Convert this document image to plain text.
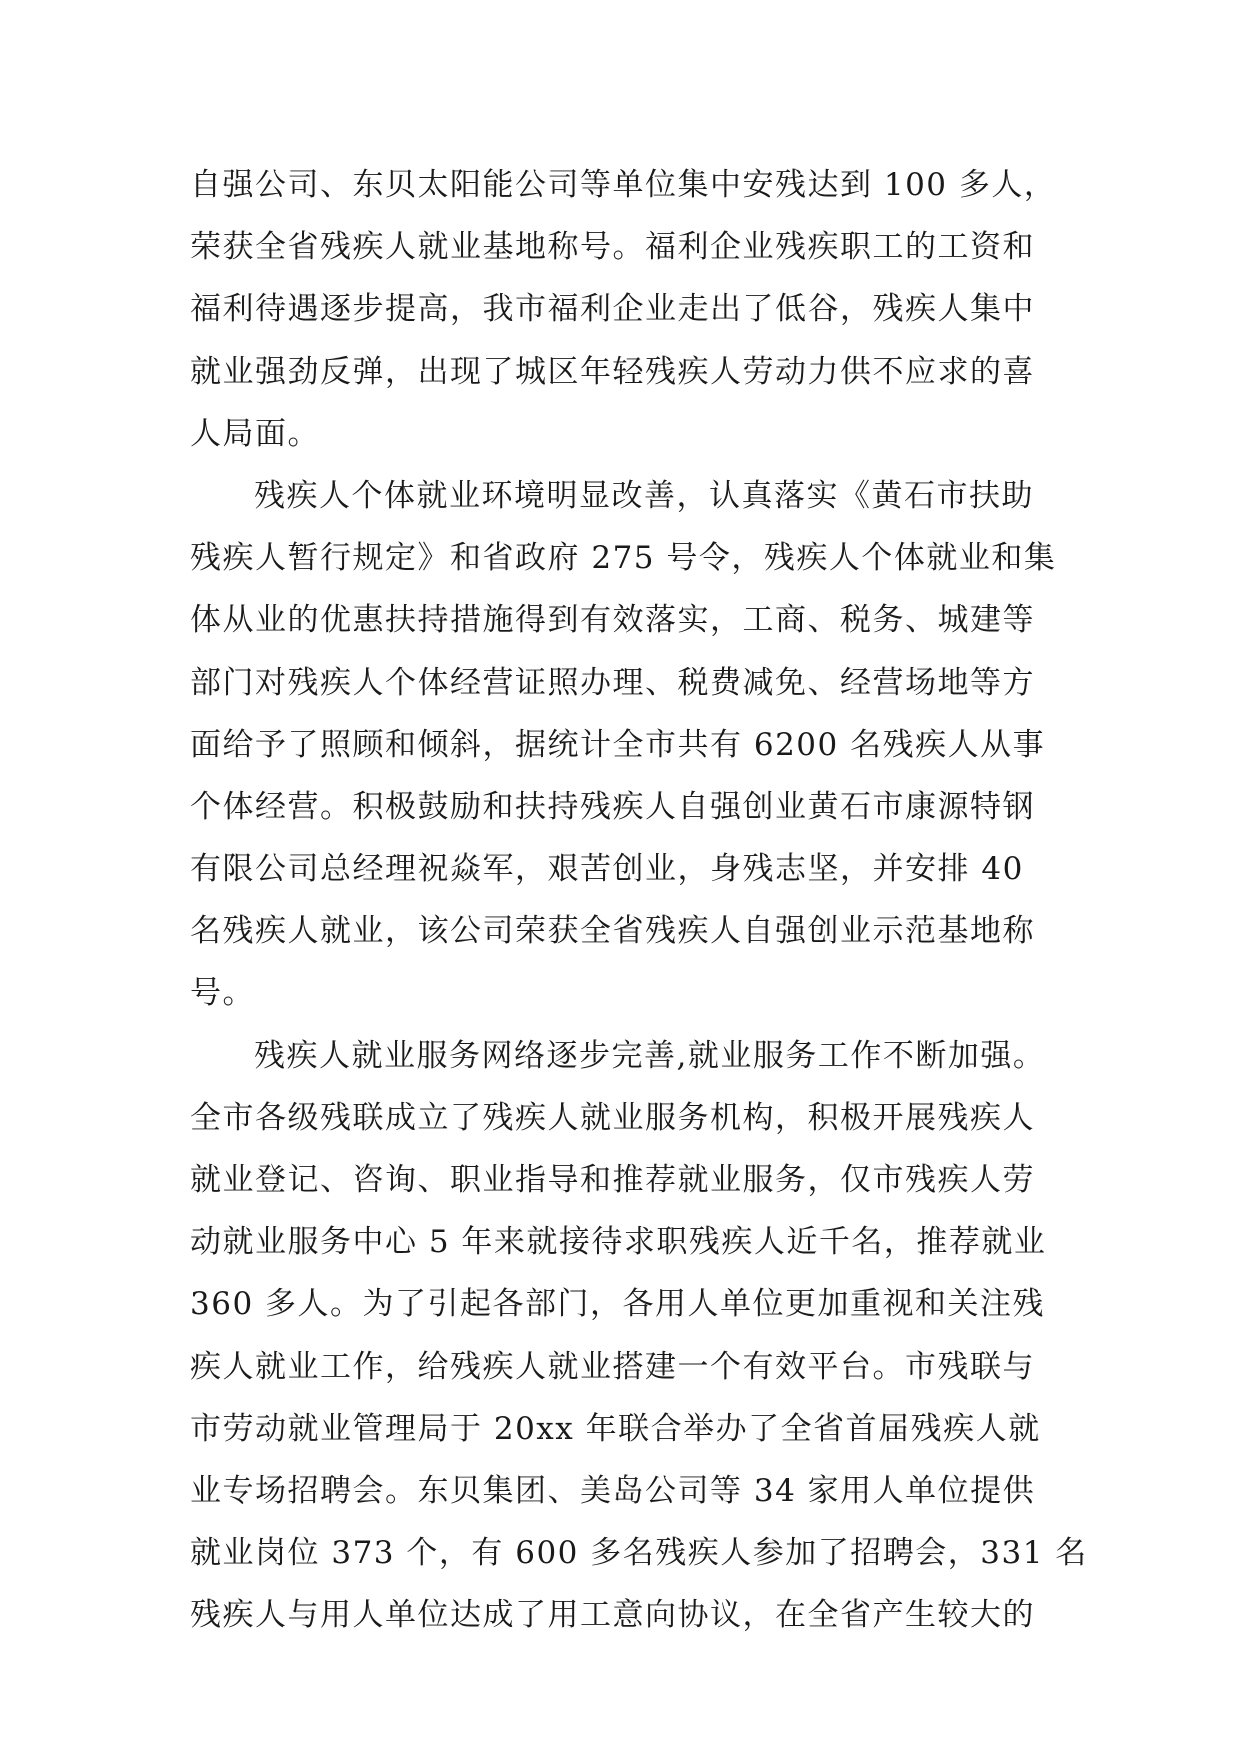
自强公司、东贝太阳能公司等单位集中安残达到 100 多人，
荣获全省残疾人就业基地称号。福利企业残疾职工的工资和
福利待遇逐步提高，我市福利企业走出了低谷，残疾人集中
就业强劲反弹，出现了城区年轻残疾人劳动力供不应求的喜
人局面。
残疾人个体就业环境明显改善，认真落实《黄石市扶助
残疾人暂行规定》和省政府 275 号令，残疾人个体就业和集
体从业的优惠扶持措施得到有效落实，工商、税务、城建等
部门对残疾人个体经营证照办理、税费减免、经营场地等方
面给予了照顾和倾斜，据统计全市共有 6200 名残疾人从事
个体经营。积极鼓励和扶持残疾人自强创业黄石市康源特钢
有限公司总经理祝焱军，艰苦创业，身残志坚，并安排 40
名残疾人就业，该公司荣获全省残疾人自强创业示范基地称
号。
残疾人就业服务网络逐步完善,就业服务工作不断加强。
全市各级残联成立了残疾人就业服务机构，积极开展残疾人
就业登记、咨询、职业指导和推荐就业服务，仅市残疾人劳
动就业服务中心 5 年来就接待求职残疾人近千名，推荐就业
360 多人。为了引起各部门，各用人单位更加重视和关注残
疾人就业工作，给残疾人就业搭建一个有效平台。市残联与
市劳动就业管理局于 20xx 年联合举办了全省首届残疾人就
业专场招聘会。东贝集团、美岛公司等 34 家用人单位提供
就业岗位 373 个，有 600 多名残疾人参加了招聘会，331 名
残疾人与用人单位达成了用工意向协议，在全省产生较大的
